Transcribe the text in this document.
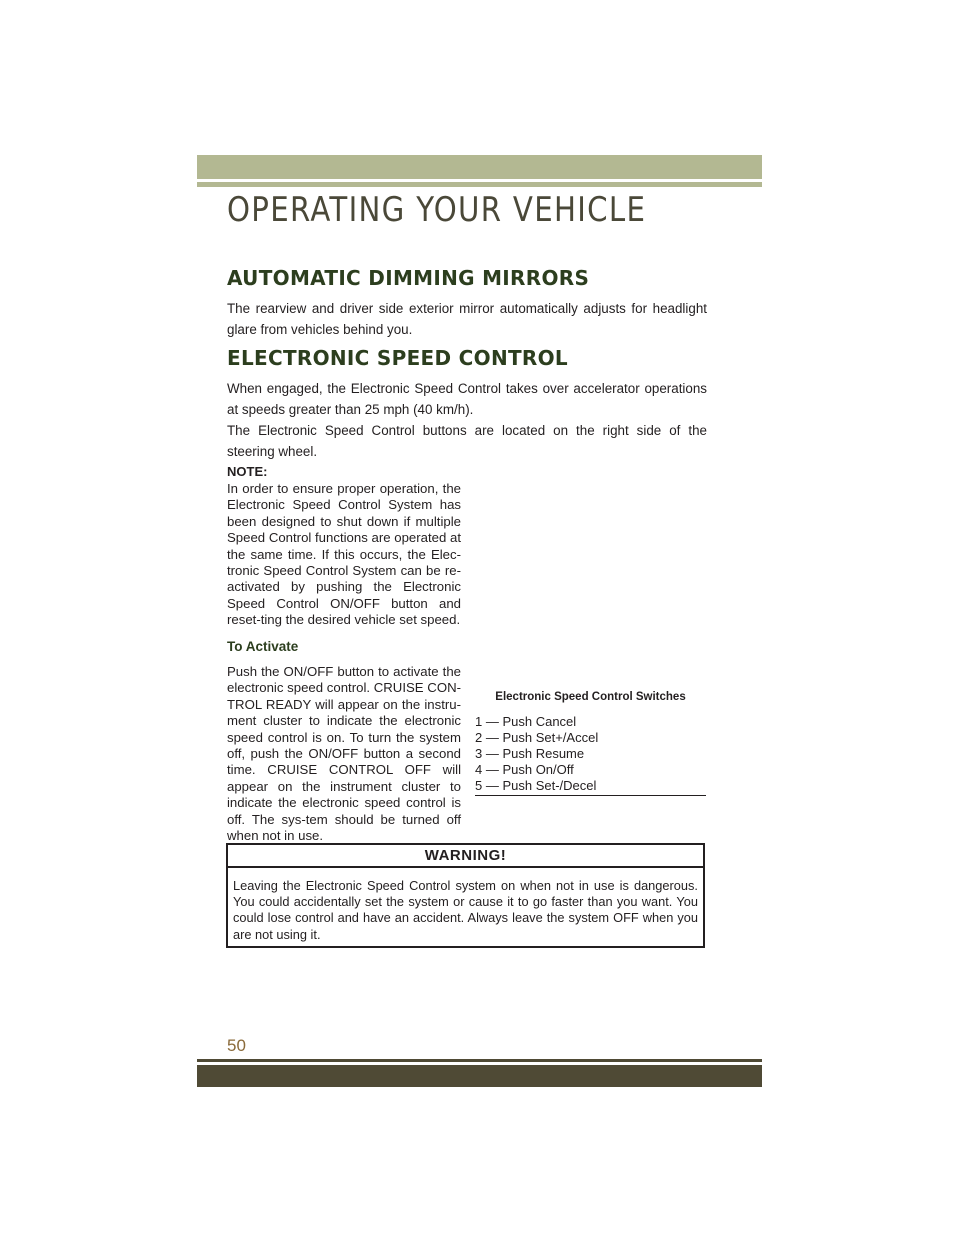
OPERATING YOUR VEHICLE
AUTOMATIC DIMMING MIRRORS
The rearview and driver side exterior mirror automatically adjusts for headlight glare from vehicles behind you.
ELECTRONIC SPEED CONTROL
When engaged, the Electronic Speed Control takes over accelerator operations at speeds greater than 25 mph (40 km/h).
The Electronic Speed Control buttons are located on the right side of the steering wheel.
NOTE:
In order to ensure proper operation, the Electronic Speed Control System has been designed to shut down if multiple Speed Control functions are operated at the same time. If this occurs, the Elec-tronic Speed Control System can be re-activated by pushing the Electronic Speed Control ON/OFF button and reset-ting the desired vehicle set speed.
To Activate
Push the ON/OFF button to activate the electronic speed control. CRUISE CON-TROL READY will appear on the instru-ment cluster to indicate the electronic speed control is on. To turn the system off, push the ON/OFF button a second time. CRUISE CONTROL OFF will appear on the instrument cluster to indicate the electronic speed control is off. The sys-tem should be turned off when not in use.
Electronic Speed Control Switches
1 — Push Cancel
2 — Push Set+/Accel
3 — Push Resume
4 — Push On/Off
5 — Push Set-/Decel
WARNING!
Leaving the Electronic Speed Control system on when not in use is dangerous. You could accidentally set the system or cause it to go faster than you want. You could lose control and have an accident. Always leave the system OFF when you are not using it.
50
